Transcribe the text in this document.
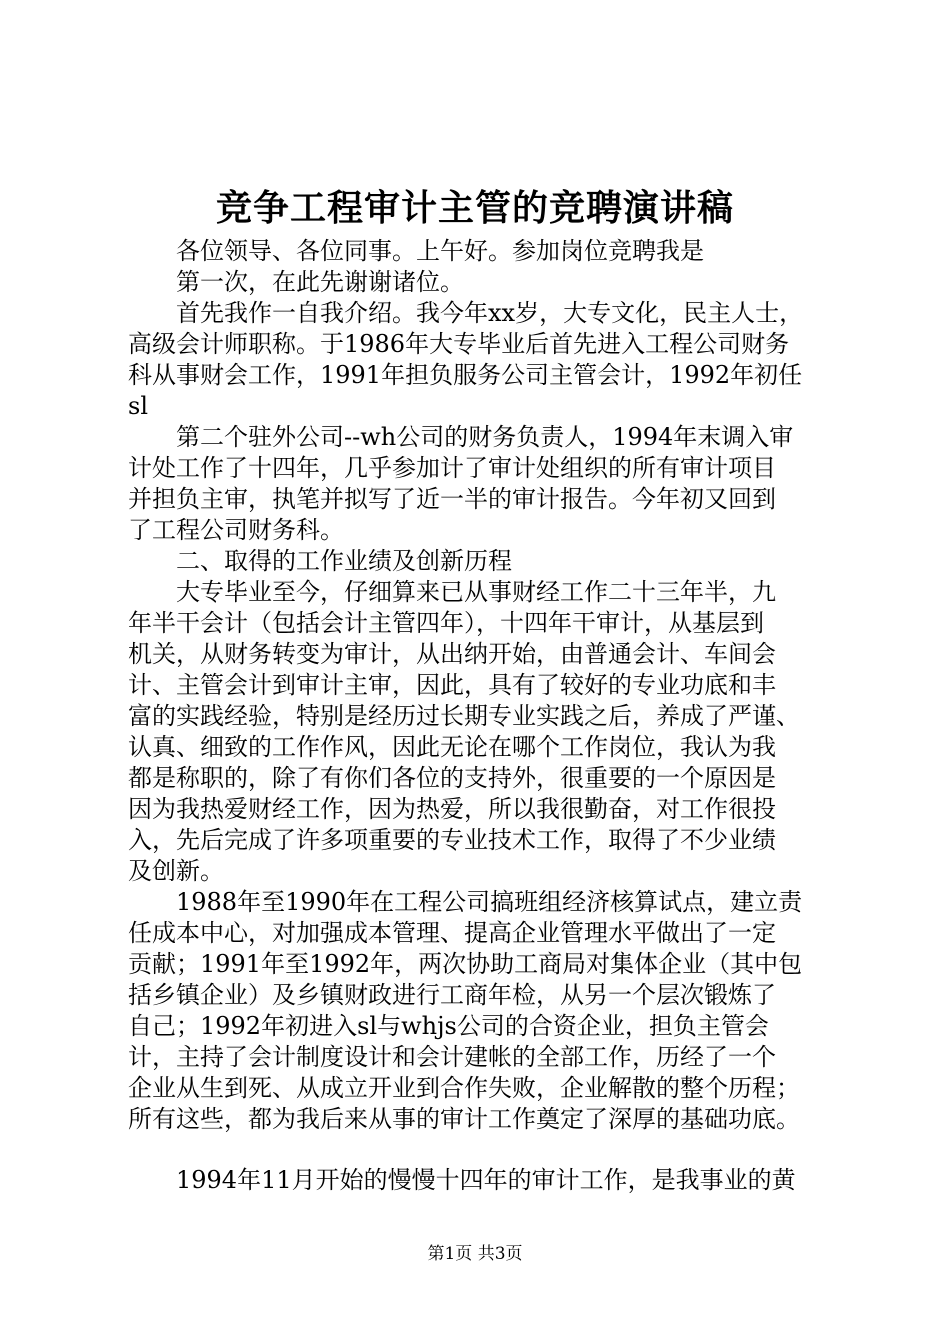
竞争工程审计主管的竞聘演讲稿
　　各位领导、各位同事。上午好。参加岗位竞聘我是
　　第一次，在此先谢谢诸位。
　　首先我作一自我介绍。我今年xx岁，大专文化，民主人士，
高级会计师职称。于1986年大专毕业后首先进入工程公司财务
科从事财会工作，1991年担负服务公司主管会计，1992年初任
sl
　　第二个驻外公司--wh公司的财务负责人，1994年末调入审
计处工作了十四年，几乎参加计了审计处组织的所有审计项目
并担负主审，执笔并拟写了近一半的审计报告。今年初又回到
了工程公司财务科。
　　二、取得的工作业绩及创新历程
　　大专毕业至今，仔细算来已从事财经工作二十三年半，九
年半干会计（包括会计主管四年），十四年干审计，从基层到
机关，从财务转变为审计，从出纳开始，由普通会计、车间会
计、主管会计到审计主审，因此，具有了较好的专业功底和丰
富的实践经验，特别是经历过长期专业实践之后，养成了严谨、
认真、细致的工作作风，因此无论在哪个工作岗位，我认为我
都是称职的，除了有你们各位的支持外，很重要的一个原因是
因为我热爱财经工作，因为热爱，所以我很勤奋，对工作很投
入，先后完成了许多项重要的专业技术工作，取得了不少业绩
及创新。
　　1988年至1990年在工程公司搞班组经济核算试点，建立责
任成本中心，对加强成本管理、提高企业管理水平做出了一定
贡献；1991年至1992年，两次协助工商局对集体企业（其中包
括乡镇企业）及乡镇财政进行工商年检，从另一个层次锻炼了
自己；1992年初进入sl与whjs公司的合资企业，担负主管会
计，主持了会计制度设计和会计建帐的全部工作，历经了一个
企业从生到死、从成立开业到合作失败，企业解散的整个历程；
所有这些，都为我后来从事的审计工作奠定了深厚的基础功底。
　　1994年11月开始的慢慢十四年的审计工作，是我事业的黄
第1页 共3页
